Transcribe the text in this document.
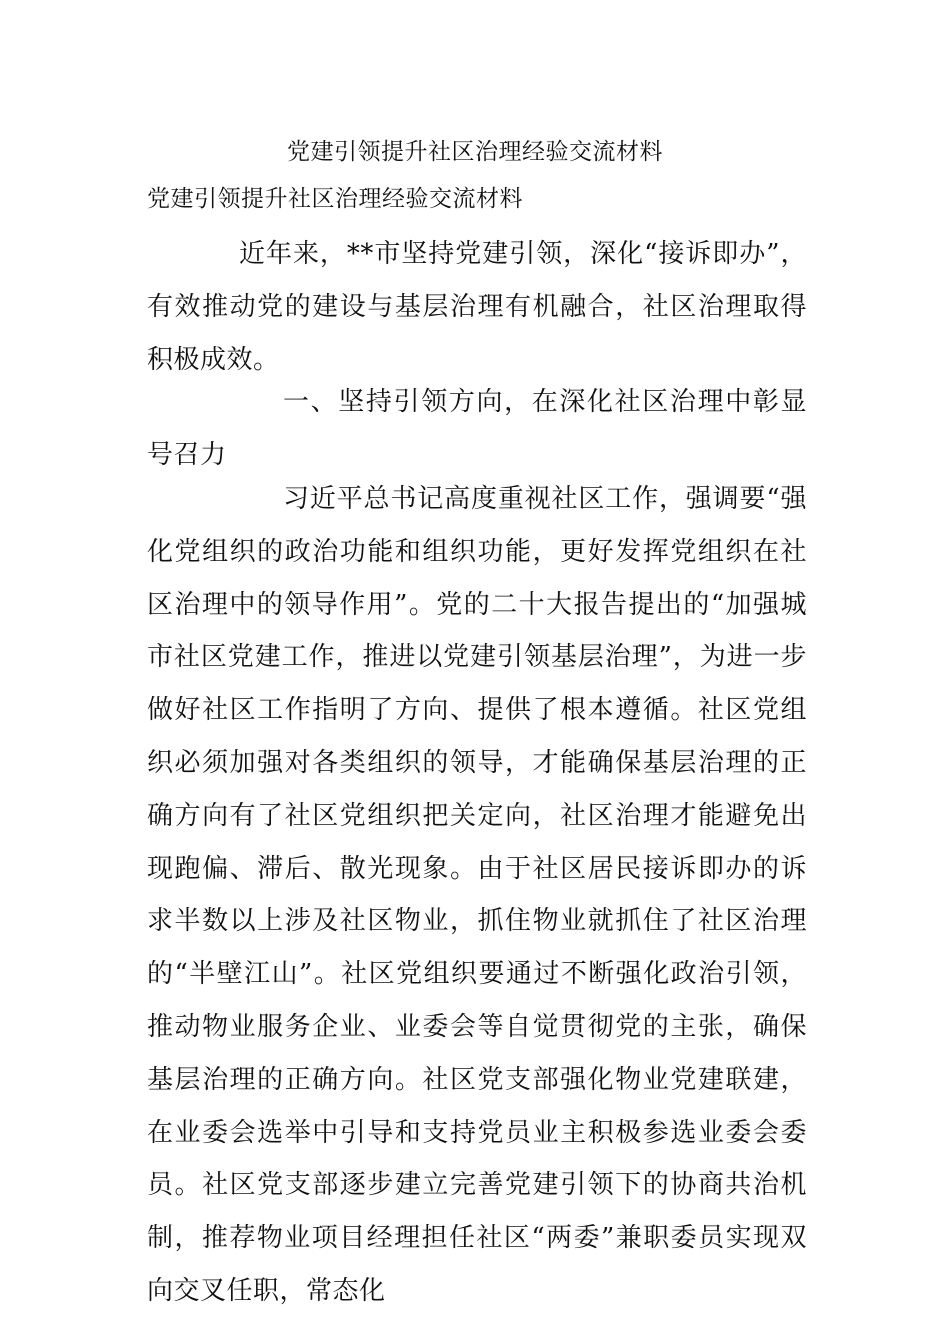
党建引领提升社区治理经验交流材料
党建引领提升社区治理经验交流材料

近年来，**市坚持党建引领，深化“接诉即办”，有效推动党的建设与基层治理有机融合，社区治理取得积极成效。

一、坚持引领方向，在深化社区治理中彰显号召力

习近平总书记高度重视社区工作，强调要“强化党组织的政治功能和组织功能，更好发挥党组织在社区治理中的领导作用”。党的二十大报告提出的“加强城市社区党建工作，推进以党建引领基层治理”，为进一步做好社区工作指明了方向、提供了根本遵循。社区党组织必须加强对各类组织的领导，才能确保基层治理的正确方向有了社区党组织把关定向，社区治理才能避免出现跑偏、滞后、散光现象。由于社区居民接诉即办的诉求半数以上涉及社区物业，抓住物业就抓住了社区治理的“半壁江山”。社区党组织要通过不断强化政治引领，推动物业服务企业、业委会等自觉贯彻党的主张，确保基层治理的正确方向。社区党支部强化物业党建联建，在业委会选举中引导和支持党员业主积极参选业委会委员。社区党支部逐步建立完善党建引领下的协商共治机制，推荐物业项目经理担任社区“两委”兼职委员实现双向交叉任职，常态化
